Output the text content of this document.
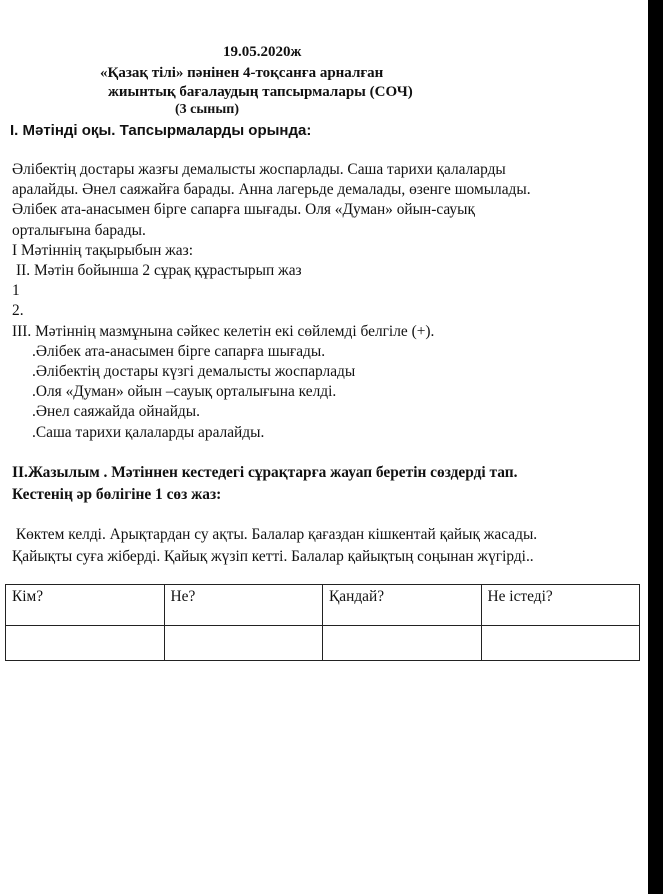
19.05.2020ж
«Қазақ тілі» пәнінен 4-тоқсанға арналған
жиынтық бағалаудың тапсырмалары (СОЧ)
(3 сынып)
I. Мәтінді оқы. Тапсырмаларды орында:
Әлібектің достары жазғы демалысты жоспарлады. Саша тарихи қалаларды
аралайды. Әнел саяжайға барады. Анна лагерьде демалады, өзенге шомылады.
Әлібек ата-анасымен бірге сапарға шығады. Оля «Думан» ойын-сауық
орталығына барады.
I Мәтіннің тақырыбын жаз:
II. Мәтін бойынша 2 сұрақ құрастырып жаз
1
2.
III. Мәтіннің мазмұнына сәйкес келетін екі сөйлемді белгіле (+).
.Әлібек ата-анасымен бірге сапарға шығады.
.Әлібектің достары күзгі демалысты жоспарлады
.Оля «Думан» ойын –сауық орталығына келді.
.Әнел саяжайда ойнайды.
.Саша тарихи қалаларды аралайды.
II.Жазылым . Мәтіннен кестедегі сұрақтарға жауап беретін сөздерді тап.
Кестенің әр бөлігіне 1 сөз жаз:
Көктем келді. Арықтардан су ақты. Балалар қағаздан кішкентай қайық жасады.
Қайықты суға жіберді. Қайық жүзіп кетті. Балалар қайықтың соңынан жүгірді..
Кім?	Не?	Қандай?	Не істеді?
